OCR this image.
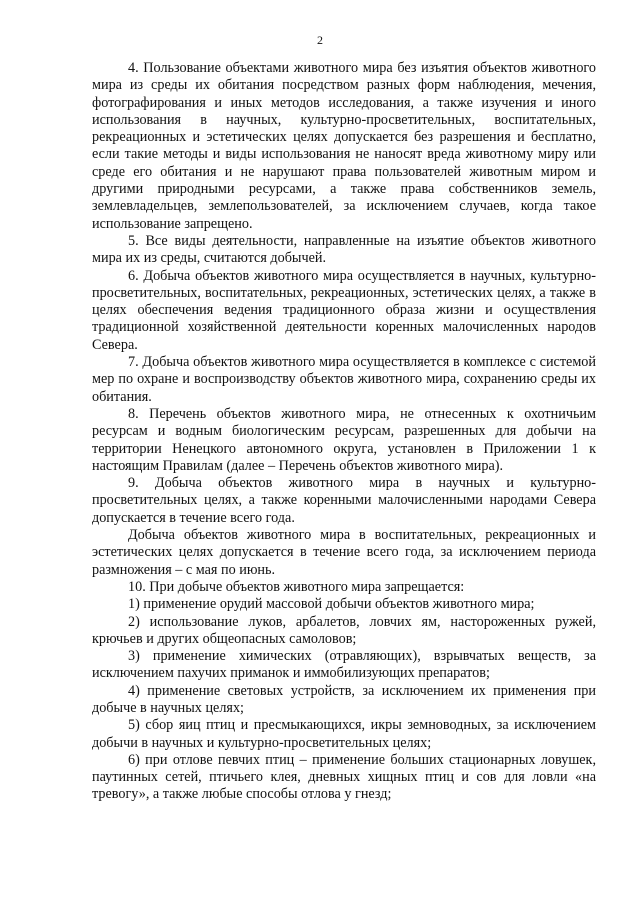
2

4. Пользование объектами животного мира без изъятия объектов животного мира из среды их обитания посредством разных форм наблюдения, мечения, фотографирования и иных методов исследования, а также изучения и иного использования в научных, культурно-просветительных, воспитательных, рекреационных и эстетических целях допускается без разрешения и бесплатно, если такие методы и виды использования не наносят вреда животному миру или среде его обитания и не нарушают права пользователей животным миром и другими природными ресурсами, а также права собственников земель, землевладельцев, землепользователей, за исключением случаев, когда такое использование запрещено.

5. Все виды деятельности, направленные на изъятие объектов животного мира их из среды, считаются добычей.

6. Добыча объектов животного мира осуществляется в научных, культурно-просветительных, воспитательных, рекреационных, эстетических целях, а также в целях обеспечения ведения традиционного образа жизни и осуществления традиционной хозяйственной деятельности коренных малочисленных народов Севера.

7. Добыча объектов животного мира осуществляется в комплексе с системой мер по охране и воспроизводству объектов животного мира, сохранению среды их обитания.

8. Перечень объектов животного мира, не отнесенных к охотничьим ресурсам и водным биологическим ресурсам, разрешенных для добычи на территории Ненецкого автономного округа, установлен в Приложении 1 к настоящим Правилам (далее – Перечень объектов животного мира).

9. Добыча объектов животного мира в научных и культурно-просветительных целях, а также коренными малочисленными народами Севера допускается в течение всего года.

Добыча объектов животного мира в воспитательных, рекреационных и эстетических целях допускается в течение всего года, за исключением периода размножения – с мая по июнь.

10. При добыче объектов животного мира запрещается:

1) применение орудий массовой добычи объектов животного мира;

2) использование луков, арбалетов, ловчих ям, настороженных ружей, крючьев и других общеопасных самоловов;

3) применение химических (отравляющих), взрывчатых веществ, за исключением пахучих приманок и иммобилизующих препаратов;

4) применение световых устройств, за исключением их применения при добыче в научных целях;

5) сбор яиц птиц и пресмыкающихся, икры земноводных, за исключением добычи в научных и культурно-просветительных целях;

6) при отлове певчих птиц – применение больших стационарных ловушек, паутинных сетей, птичьего клея, дневных хищных птиц и сов для ловли «на тревогу», а также любые способы отлова у гнезд;
